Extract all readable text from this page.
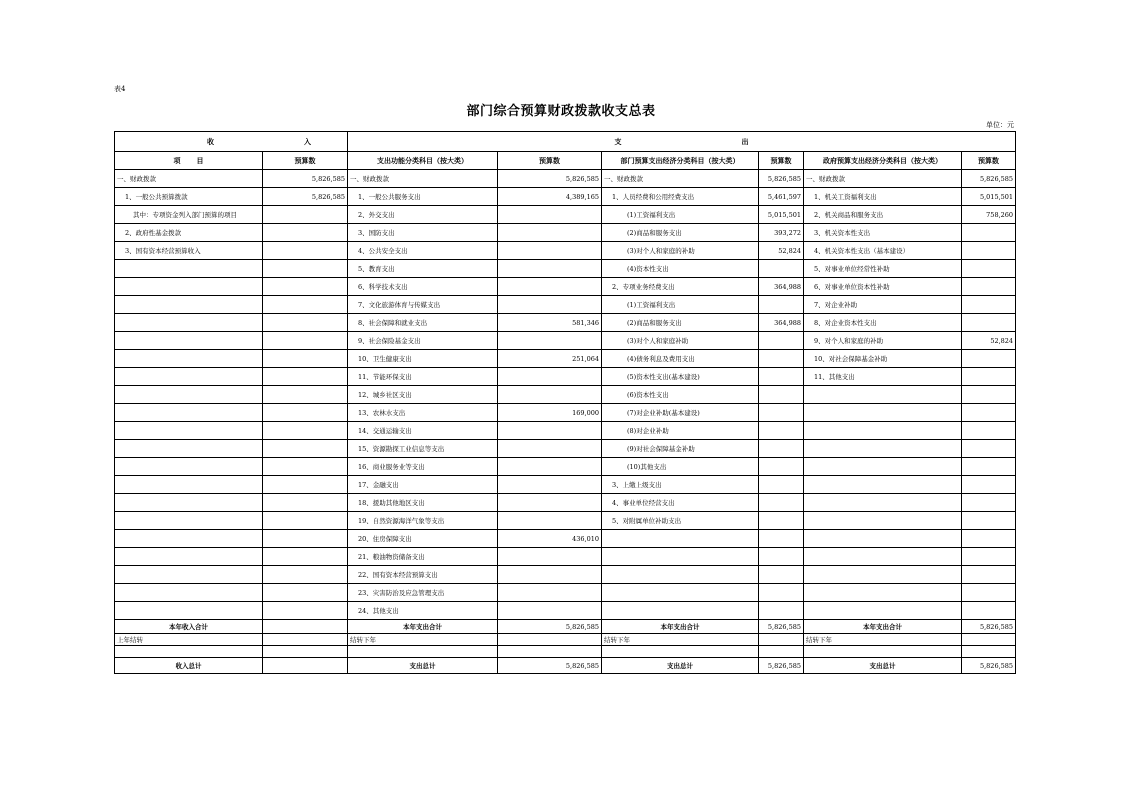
表4
部门综合预算财政拨款收支总表
单位：元
收入		支出					
项目	预算数	支出功能分类科目（按大类）	预算数	部门预算支出经济分类科目（按大类）	预算数	政府预算支出经济分类科目（按大类）	预算数
一、财政拨款	5,826,585	一、财政拨款	5,826,585	一、财政拨款	5,826,585	一、财政拨款	5,826,585
1、一般公共预算拨款	5,826,585	1、一般公共服务支出	4,389,165	1、人员经费和公用经费支出	5,461,597	1、机关工资福利支出	5,015,501
其中：专项资金列入部门预算的项目		2、外交支出		(1)工资福利支出	5,015,501	2、机关商品和服务支出	758,260
2、政府性基金拨款		3、国防支出		(2)商品和服务支出	393,272	3、机关资本性支出	
3、国有资本经营预算收入		4、公共安全支出		(3)对个人和家庭的补助	52,824	4、机关资本性支出（基本建设）	
		5、教育支出		(4)资本性支出		5、对事业单位经常性补助	
		6、科学技术支出		2、专项业务经费支出	364,988	6、对事业单位资本性补助	
		7、文化旅游体育与传媒支出		(1)工资福利支出		7、对企业补助	
		8、社会保障和就业支出	581,346	(2)商品和服务支出	364,988	8、对企业资本性支出	
		9、社会保险基金支出		(3)对个人和家庭补助		9、对个人和家庭的补助	52,824
		10、卫生健康支出	251,064	(4)债务利息及费用支出		10、对社会保障基金补助	
		11、节能环保支出		(5)资本性支出(基本建设)		11、其他支出	
		12、城乡社区支出		(6)资本性支出			
		13、农林水支出	169,000	(7)对企业补助(基本建设)			
		14、交通运输支出		(8)对企业补助			
		15、资源勘探工业信息等支出		(9)对社会保障基金补助			
		16、商业服务业等支出		(10)其他支出			
		17、金融支出		3、上缴上级支出			
		18、援助其他地区支出		4、事业单位经营支出			
		19、自然资源海洋气象等支出		5、对附属单位补助支出			
		20、住房保障支出	436,010				
		21、粮油物资储备支出					
		22、国有资本经营预算支出					
		23、灾害防治及应急管理支出					
		24、其他支出					
本年收入合计		本年支出合计	5,826,585	本年支出合计	5,826,585	本年支出合计	5,826,585
上年结转		结转下年		结转下年		结转下年	

收入总计		支出总计	5,826,585	支出总计	5,826,585	支出总计	5,826,585
